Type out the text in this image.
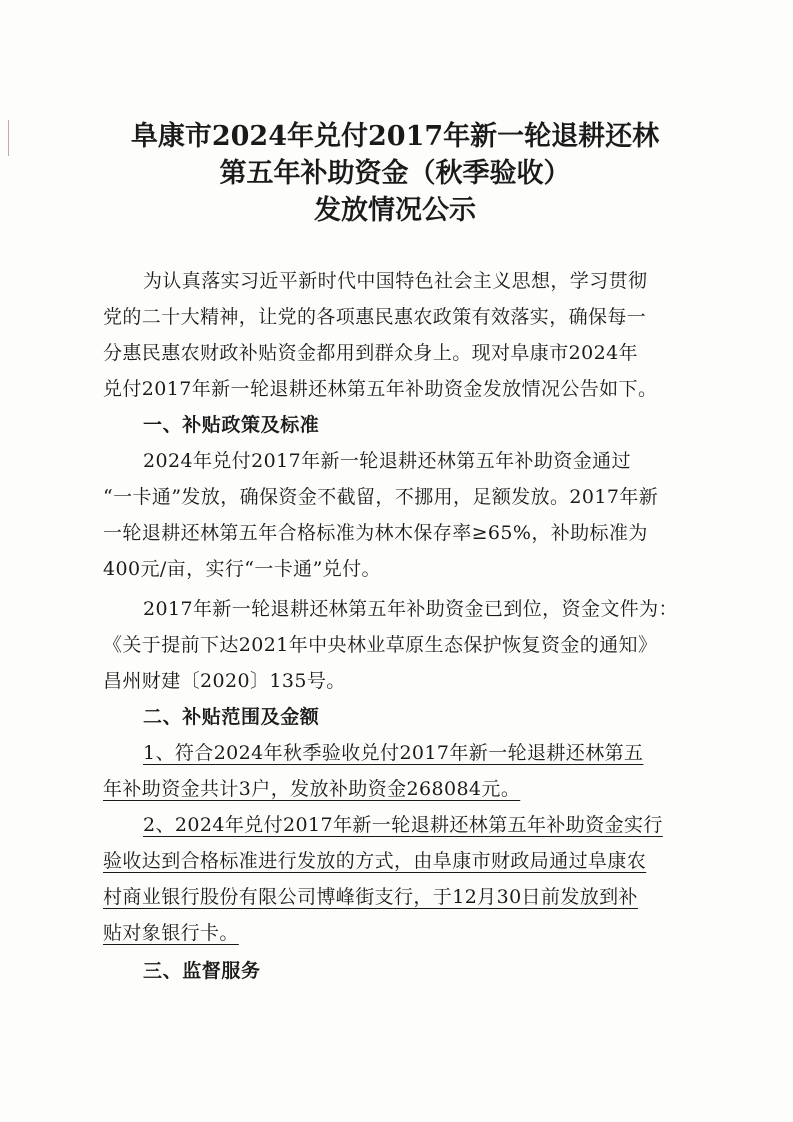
阜康市2024年兑付2017年新一轮退耕还林
第五年补助资金（秋季验收）
发放情况公示
为认真落实习近平新时代中国特色社会主义思想，学习贯彻
党的二十大精神，让党的各项惠民惠农政策有效落实，确保每一
分惠民惠农财政补贴资金都用到群众身上。现对阜康市2024年
兑付2017年新一轮退耕还林第五年补助资金发放情况公告如下。
一、补贴政策及标准
2024年兑付2017年新一轮退耕还林第五年补助资金通过
“一卡通”发放，确保资金不截留，不挪用，足额发放。2017年新
一轮退耕还林第五年合格标准为林木保存率≥65%，补助标准为
400元/亩，实行“一卡通”兑付。
2017年新一轮退耕还林第五年补助资金已到位，资金文件为：
《关于提前下达2021年中央林业草原生态保护恢复资金的通知》
昌州财建〔2020〕135号。
二、补贴范围及金额
1、符合2024年秋季验收兑付2017年新一轮退耕还林第五
年补助资金共计3户，发放补助资金268084元。
2、2024年兑付2017年新一轮退耕还林第五年补助资金实行
验收达到合格标准进行发放的方式，由阜康市财政局通过阜康农
村商业银行股份有限公司博峰街支行，于12月30日前发放到补
贴对象银行卡。
三、监督服务
